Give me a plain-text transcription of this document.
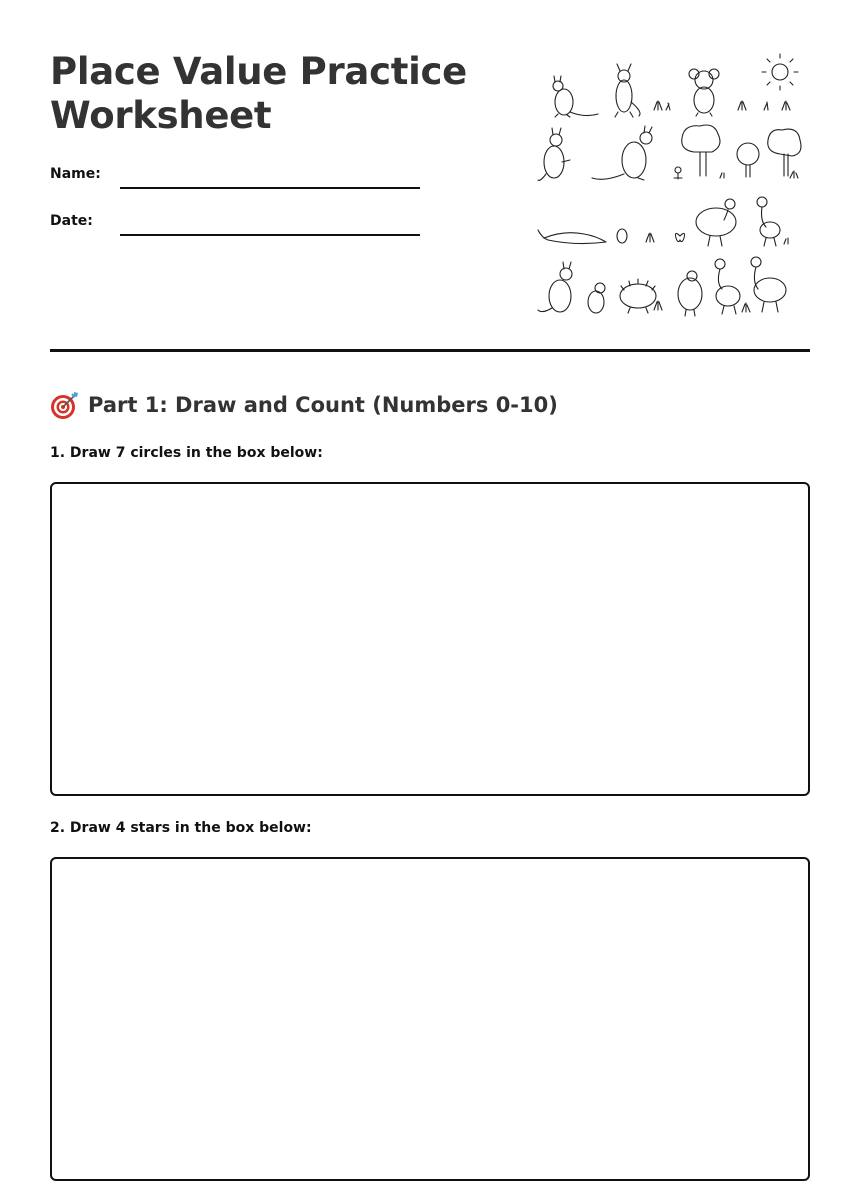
Place Value Practice
Worksheet
Name:
Date:
Part 1: Draw and Count (Numbers 0-10)
1. Draw 7 circles in the box below:
2. Draw 4 stars in the box below:
